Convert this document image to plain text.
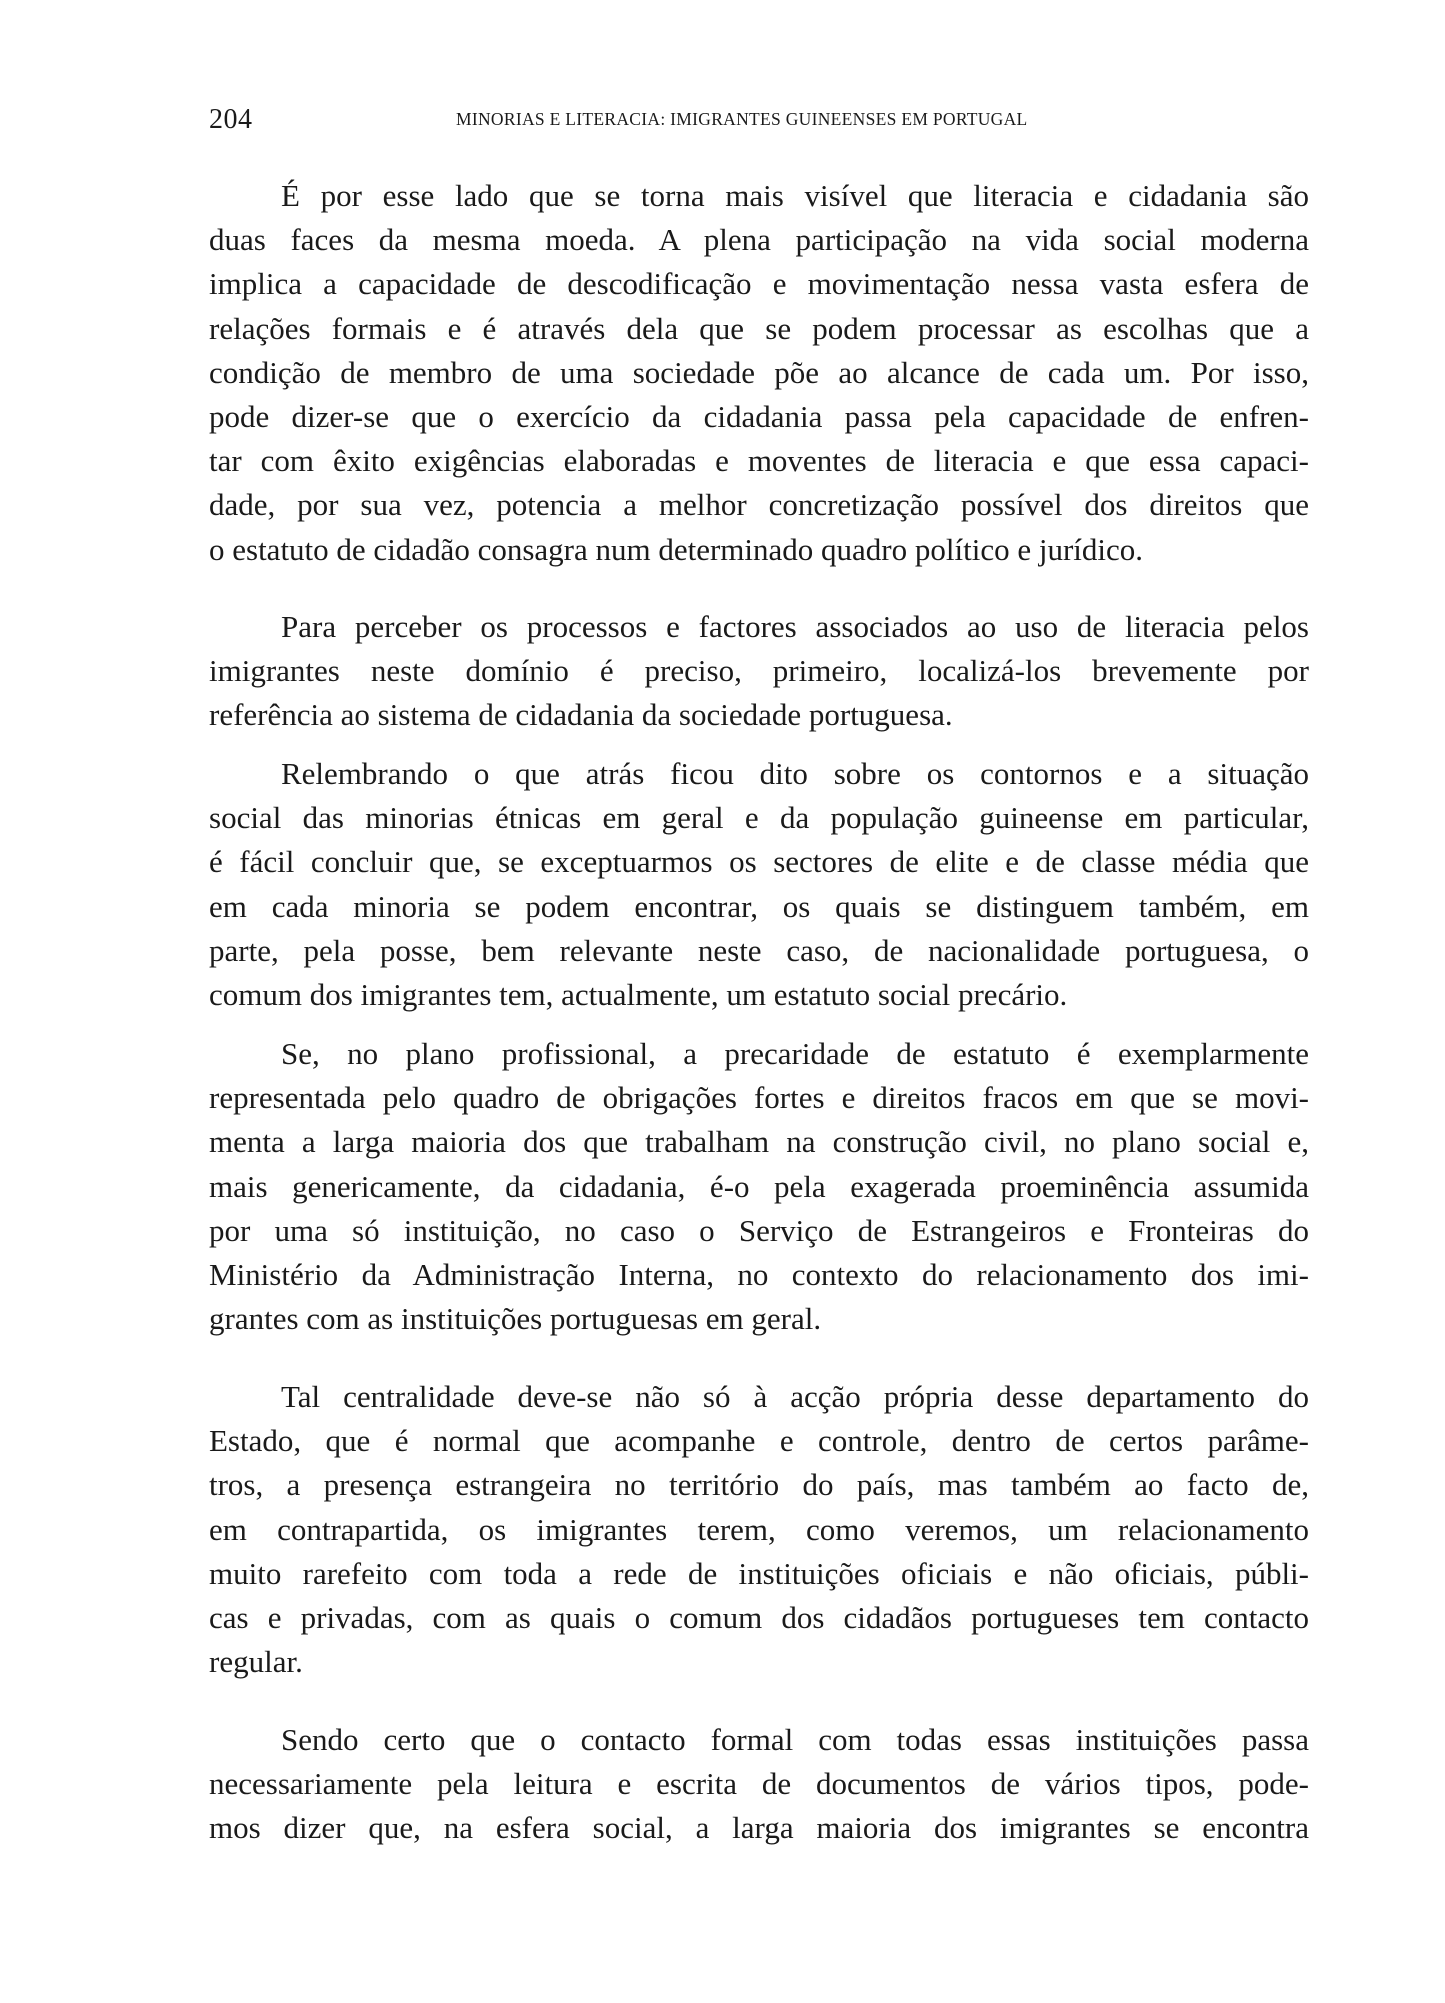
204	MINORIAS E LITERACIA: IMIGRANTES GUINEENSES EM PORTUGAL
É por esse lado que se torna mais visível que literacia e cidadania são
duas faces da mesma moeda. A plena participação na vida social moderna
implica a capacidade de descodificação e movimentação nessa vasta esfera de
relações formais e é através dela que se podem processar as escolhas que a
condição de membro de uma sociedade põe ao alcance de cada um. Por isso,
pode dizer-se que o exercício da cidadania passa pela capacidade de enfren-
tar com êxito exigências elaboradas e moventes de literacia e que essa capaci-
dade, por sua vez, potencia a melhor concretização possível dos direitos que
o estatuto de cidadão consagra num determinado quadro político e jurídico.
Para perceber os processos e factores associados ao uso de literacia pelos
imigrantes neste domínio é preciso, primeiro, localizá-los brevemente por
referência ao sistema de cidadania da sociedade portuguesa.
Relembrando o que atrás ficou dito sobre os contornos e a situação
social das minorias étnicas em geral e da população guineense em particular,
é fácil concluir que, se exceptuarmos os sectores de elite e de classe média que
em cada minoria se podem encontrar, os quais se distinguem também, em
parte, pela posse, bem relevante neste caso, de nacionalidade portuguesa, o
comum dos imigrantes tem, actualmente, um estatuto social precário.
Se, no plano profissional, a precaridade de estatuto é exemplarmente
representada pelo quadro de obrigações fortes e direitos fracos em que se movi-
menta a larga maioria dos que trabalham na construção civil, no plano social e,
mais genericamente, da cidadania, é-o pela exagerada proeminência assumida
por uma só instituição, no caso o Serviço de Estrangeiros e Fronteiras do
Ministério da Administração Interna, no contexto do relacionamento dos imi-
grantes com as instituições portuguesas em geral.
Tal centralidade deve-se não só à acção própria desse departamento do
Estado, que é normal que acompanhe e controle, dentro de certos parâme-
tros, a presença estrangeira no território do país, mas também ao facto de,
em contrapartida, os imigrantes terem, como veremos, um relacionamento
muito rarefeito com toda a rede de instituições oficiais e não oficiais, públi-
cas e privadas, com as quais o comum dos cidadãos portugueses tem contacto
regular.
Sendo certo que o contacto formal com todas essas instituições passa
necessariamente pela leitura e escrita de documentos de vários tipos, pode-
mos dizer que, na esfera social, a larga maioria dos imigrantes se encontra
